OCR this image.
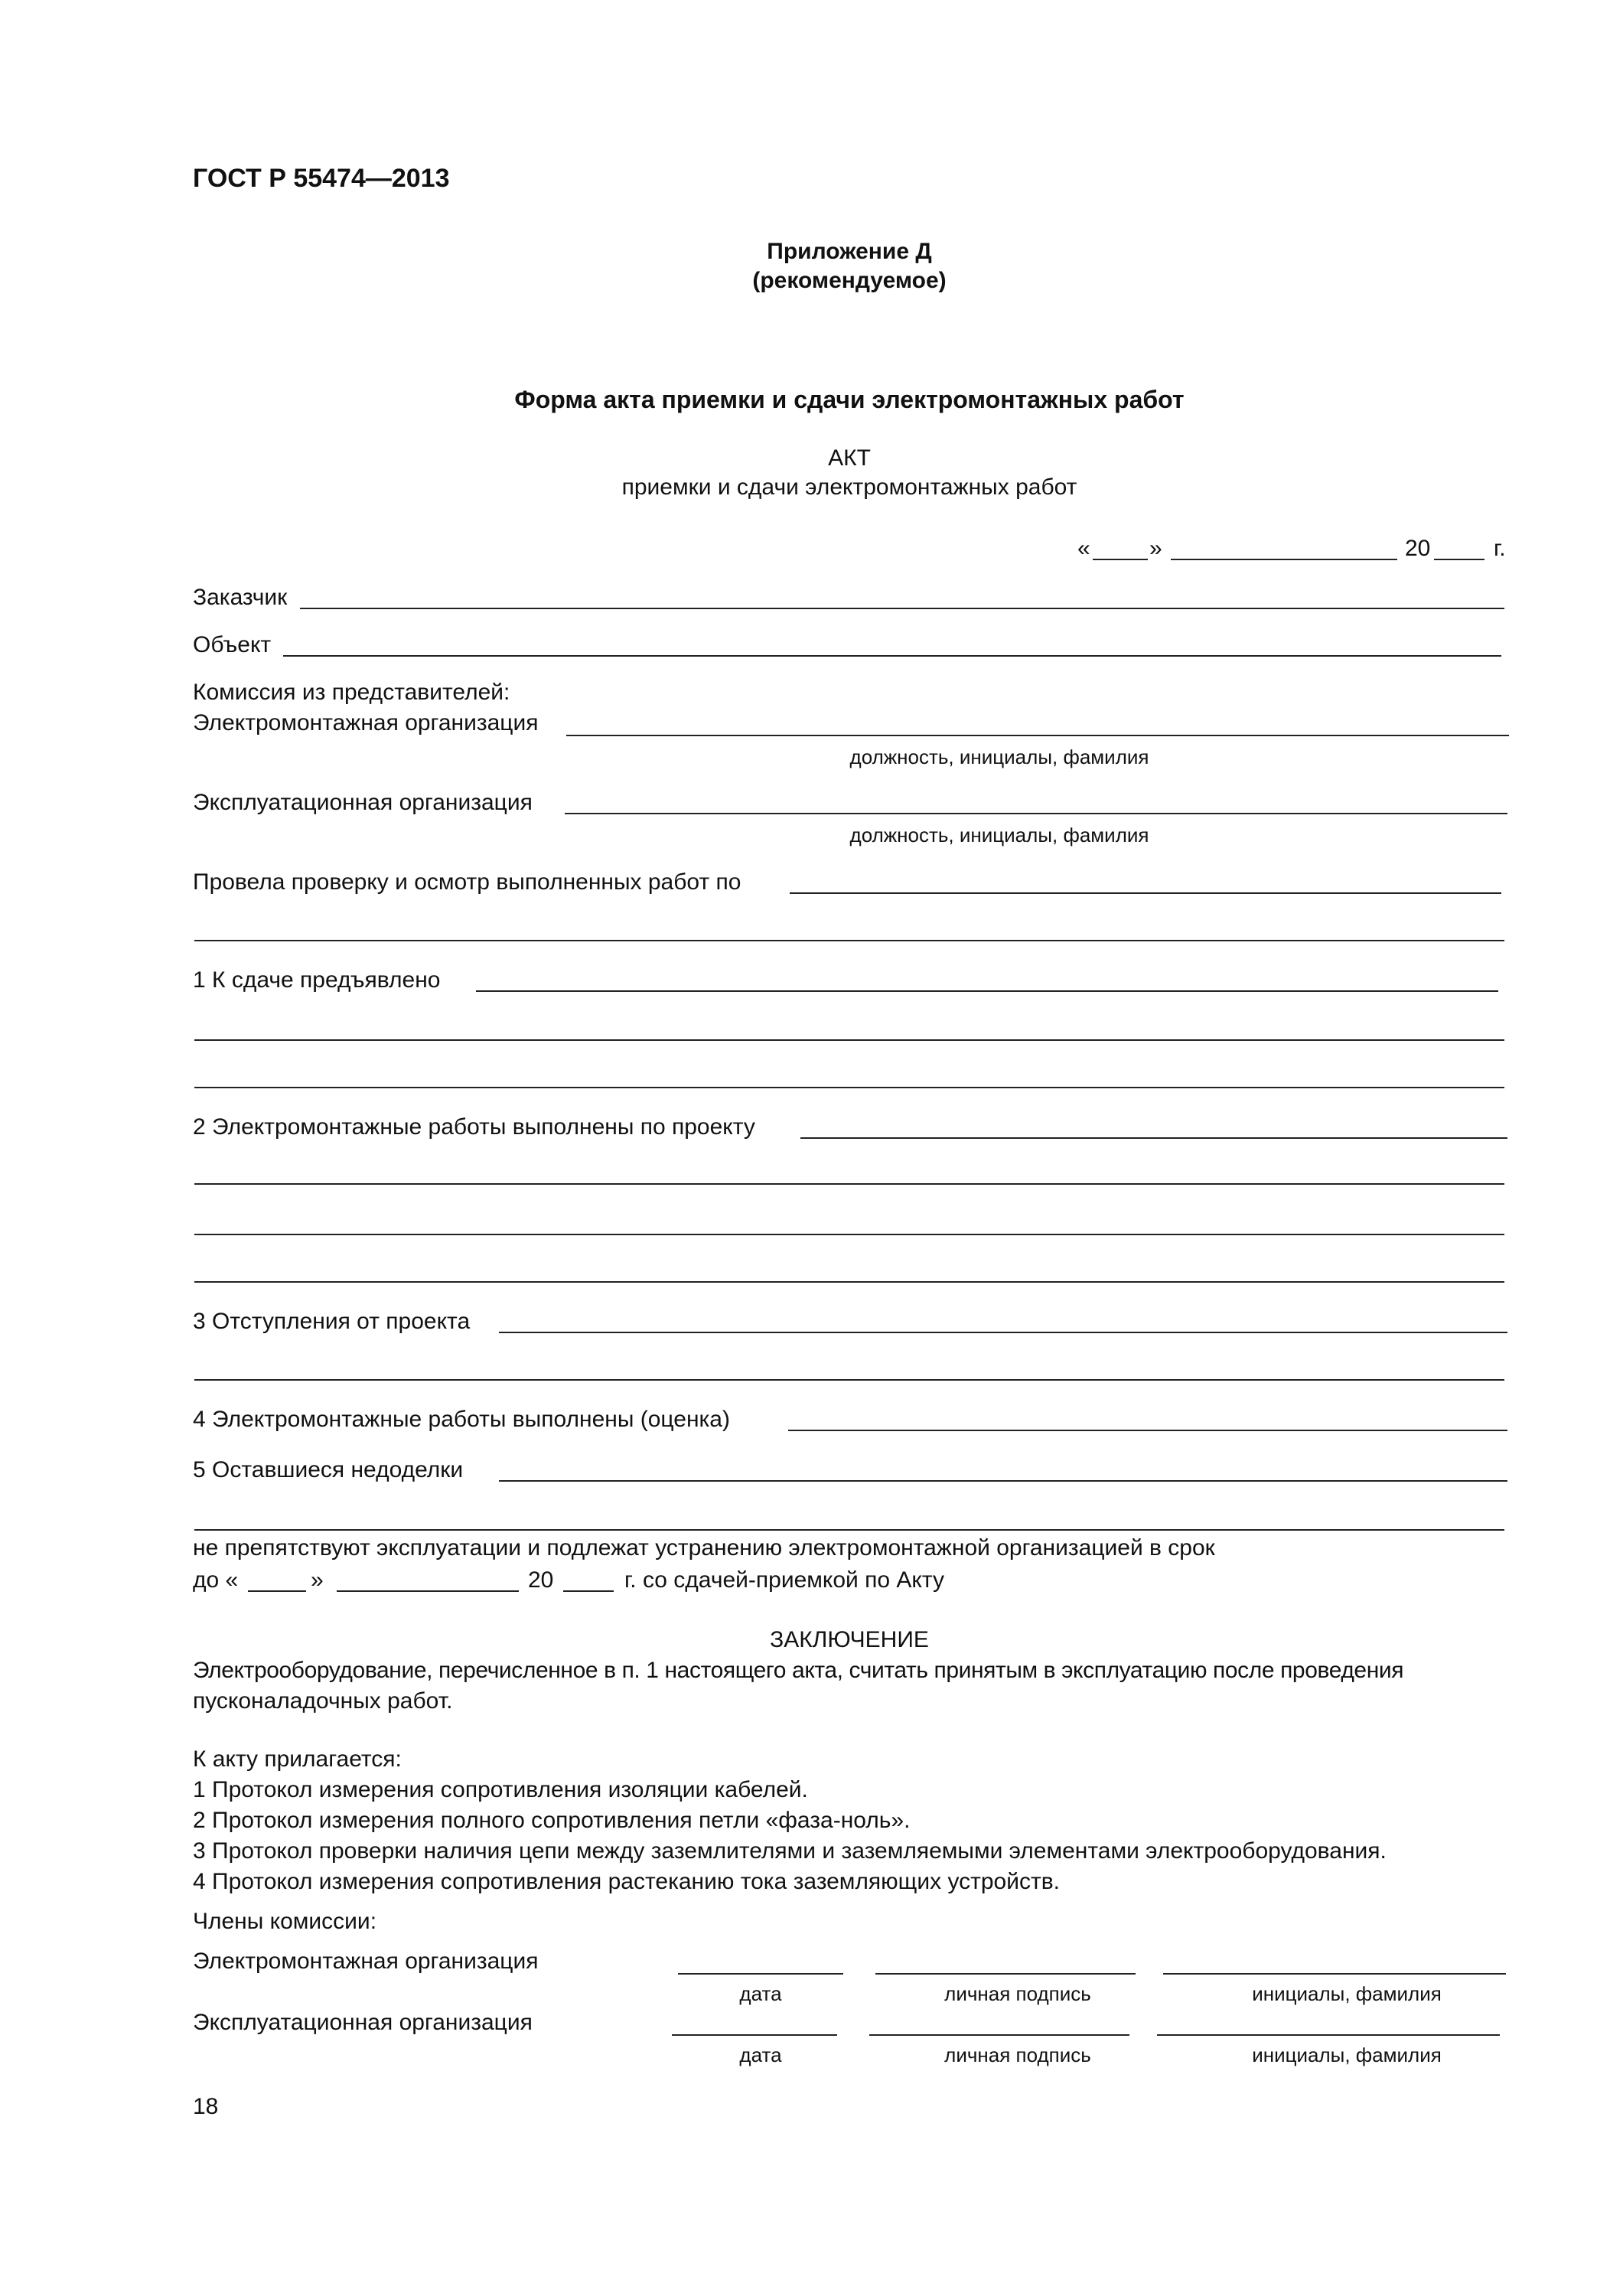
ГОСТ Р 55474—2013
Приложение Д
(рекомендуемое)
Форма акта приемки и сдачи электромонтажных работ
АКТ
приемки и сдачи электромонтажных работ
«	»	20	г.
Заказчик
Объект
Комиссия из представителей:
Электромонтажная организация
должность, инициалы, фамилия
Эксплуатационная организация
должность, инициалы, фамилия
Провела проверку и осмотр выполненных работ по
1 К сдаче предъявлено
2 Электромонтажные работы выполнены по проекту
3 Отступления от проекта
4 Электромонтажные работы выполнены (оценка)
5 Оставшиеся недоделки
не препятствуют эксплуатации и подлежат устранению электромонтажной организацией в срок
до «	»	20	г. со сдачей-приемкой по Акту
ЗАКЛЮЧЕНИЕ
Электрооборудование, перечисленное в п. 1 настоящего акта, считать принятым в эксплуатацию после проведения
пусконаладочных работ.
К акту прилагается:
1 Протокол измерения сопротивления изоляции кабелей.
2 Протокол измерения полного сопротивления петли «фаза-ноль».
3 Протокол проверки наличия цепи между заземлителями и заземляемыми элементами электрооборудования.
4 Протокол измерения сопротивления растеканию тока заземляющих устройств.
Члены комиссии:
Электромонтажная организация
дата	личная подпись	инициалы, фамилия
Эксплуатационная организация
дата	личная подпись	инициалы, фамилия
18
